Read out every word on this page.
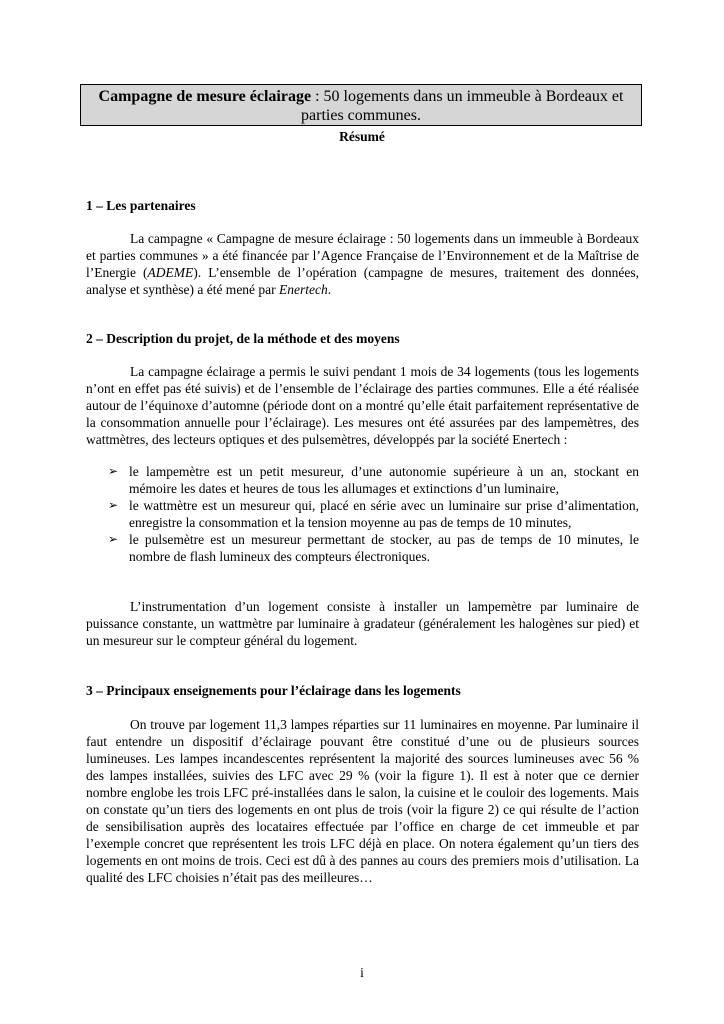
Campagne de mesure éclairage : 50 logements dans un immeuble à Bordeaux et parties communes.
Résumé
1 – Les partenaires

La campagne « Campagne de mesure éclairage : 50 logements dans un immeuble à Bordeaux et parties communes » a été financée par l’Agence Française de l’Environnement et de la Maîtrise de l’Energie (ADEME). L’ensemble de l’opération (campagne de mesures, traitement des données, analyse et synthèse) a été mené par Enertech.

2 – Description du projet, de la méthode et des moyens

La campagne éclairage a permis le suivi pendant 1 mois de 34 logements (tous les logements n’ont en effet pas été suivis) et de l’ensemble de l’éclairage des parties communes. Elle a été réalisée autour de l’équinoxe d’automne (période dont on a montré qu’elle était parfaitement représentative de la consommation annuelle pour l’éclairage). Les mesures ont été assurées par des lampemètres, des wattmètres, des lecteurs optiques et des pulsemètres, développés par la société Enertech :

➢ le lampemètre est un petit mesureur, d’une autonomie supérieure à un an, stockant en mémoire les dates et heures de tous les allumages et extinctions d’un luminaire,
➢ le wattmètre est un mesureur qui, placé en série avec un luminaire sur prise d’alimentation, enregistre la consommation et la tension moyenne au pas de temps de 10 minutes,
➢ le pulsemètre est un mesureur permettant de stocker, au pas de temps de 10 minutes, le nombre de flash lumineux des compteurs électroniques.

L’instrumentation d’un logement consiste à installer un lampemètre par luminaire de puissance constante, un wattmètre par luminaire à gradateur (généralement les halogènes sur pied) et un mesureur sur le compteur général du logement.

3 – Principaux enseignements pour l’éclairage dans les logements

On trouve par logement 11,3 lampes réparties sur 11 luminaires en moyenne. Par luminaire il faut entendre un dispositif d’éclairage pouvant être constitué d’une ou de plusieurs sources lumineuses. Les lampes incandescentes représentent la majorité des sources lumineuses avec 56 % des lampes installées, suivies des LFC avec 29 % (voir la figure 1). Il est à noter que ce dernier nombre englobe les trois LFC pré-installées dans le salon, la cuisine et le couloir des logements. Mais on constate qu’un tiers des logements en ont plus de trois (voir la figure 2) ce qui résulte de l’action de sensibilisation auprès des locataires effectuée par l’office en charge de cet immeuble et par l’exemple concret que représentent les trois LFC déjà en place. On notera également qu’un tiers des logements en ont moins de trois. Ceci est dû à des pannes au cours des premiers mois d’utilisation. La qualité des LFC choisies n’était pas des meilleures…

i
